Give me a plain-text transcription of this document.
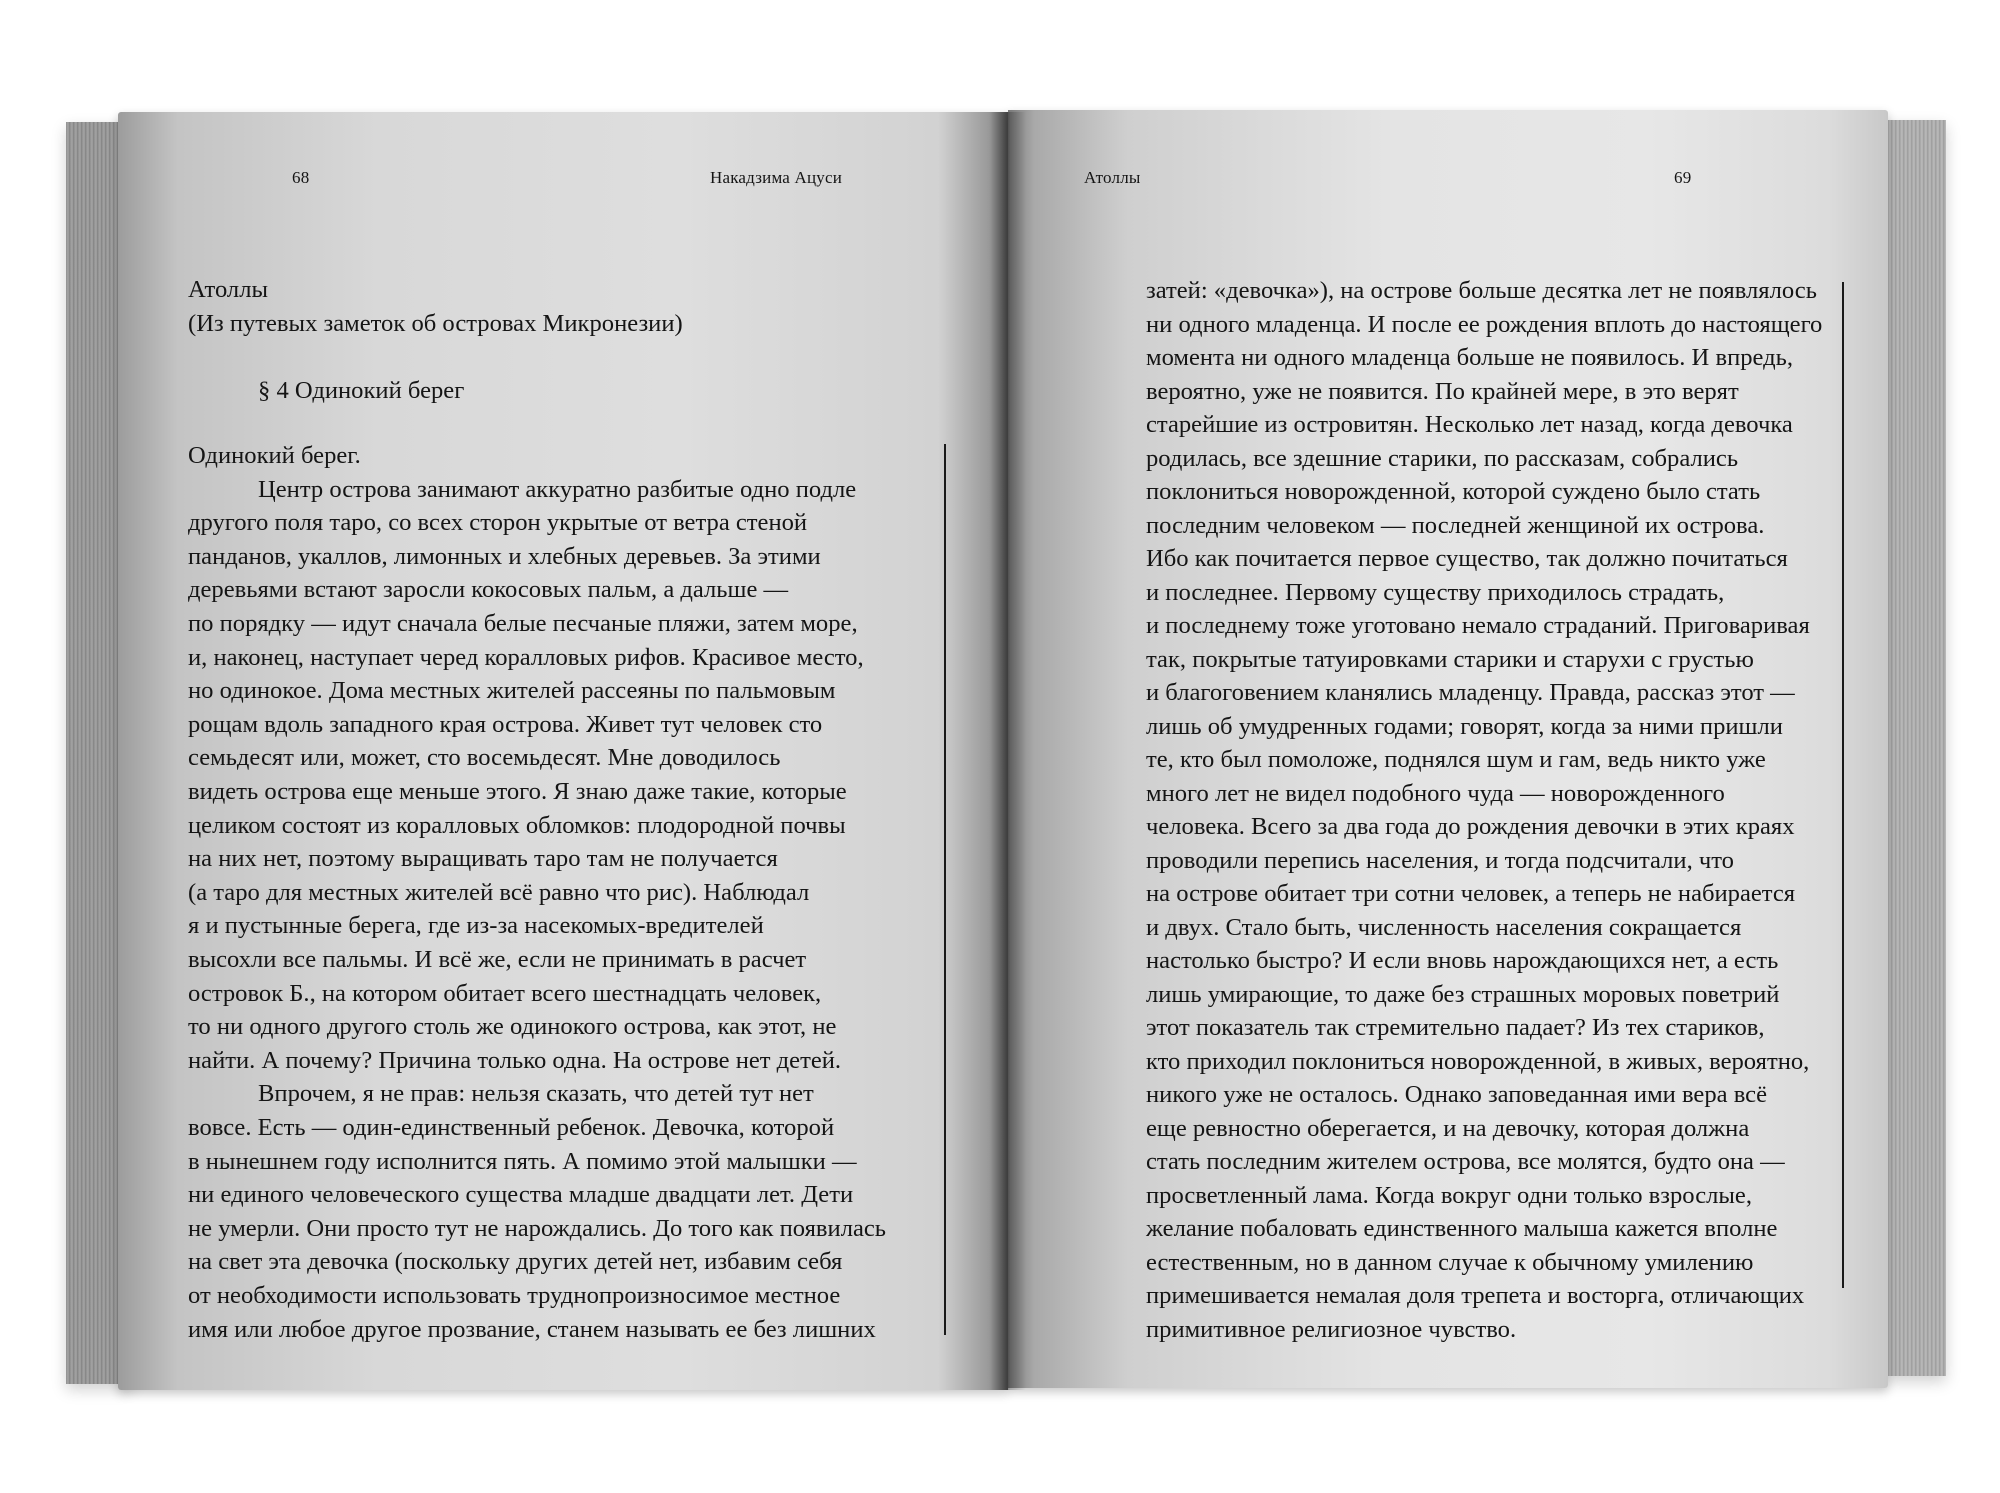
68	Накадзима Ацуси
Атоллы
(Из путевых заметок об островах Микронезии)
§ 4 Одинокий берег
Одинокий берег.
Центр острова занимают аккуратно разбитые одно подле
другого поля таро, со всех сторон укрытые от ветра стеной
панданов, укаллов, лимонных и хлебных деревьев. За этими
деревьями встают заросли кокосовых пальм, а дальше —
по порядку — идут сначала белые песчаные пляжи, затем море,
и, наконец, наступает черед коралловых рифов. Красивое место,
но одинокое. Дома местных жителей рассеяны по пальмовым
рощам вдоль западного края острова. Живет тут человек сто
семьдесят или, может, сто восемьдесят. Мне доводилось
видеть острова еще меньше этого. Я знаю даже такие, которые
целиком состоят из коралловых обломков: плодородной почвы
на них нет, поэтому выращивать таро там не получается
(а таро для местных жителей всё равно что рис). Наблюдал
я и пустынные берега, где из-за насекомых-вредителей
высохли все пальмы. И всё же, если не принимать в расчет
островок Б., на котором обитает всего шестнадцать человек,
то ни одного другого столь же одинокого острова, как этот, не
найти. А почему? Причина только одна. На острове нет детей.
Впрочем, я не прав: нельзя сказать, что детей тут нет
вовсе. Есть — один-единственный ребенок. Девочка, которой
в нынешнем году исполнится пять. А помимо этой малышки —
ни единого человеческого существа младше двадцати лет. Дети
не умерли. Они просто тут не нарождались. До того как появилась
на свет эта девочка (поскольку других детей нет, избавим себя
от необходимости использовать труднопроизносимое местное
имя или любое другое прозвание, станем называть ее без лишних
Атоллы	69
затей: «девочка»), на острове больше десятка лет не появлялось
ни одного младенца. И после ее рождения вплоть до настоящего
момента ни одного младенца больше не появилось. И впредь,
вероятно, уже не появится. По крайней мере, в это верят
старейшие из островитян. Несколько лет назад, когда девочка
родилась, все здешние старики, по рассказам, собрались
поклониться новорожденной, которой суждено было стать
последним человеком — последней женщиной их острова.
Ибо как почитается первое существо, так должно почитаться
и последнее. Первому существу приходилось страдать,
и последнему тоже уготовано немало страданий. Приговаривая
так, покрытые татуировками старики и старухи с грустью
и благоговением кланялись младенцу. Правда, рассказ этот —
лишь об умудренных годами; говорят, когда за ними пришли
те, кто был помоложе, поднялся шум и гам, ведь никто уже
много лет не видел подобного чуда — новорожденного
человека. Всего за два года до рождения девочки в этих краях
проводили перепись населения, и тогда подсчитали, что
на острове обитает три сотни человек, а теперь не набирается
и двух. Стало быть, численность населения сокращается
настолько быстро? И если вновь нарождающихся нет, а есть
лишь умирающие, то даже без страшных моровых поветрий
этот показатель так стремительно падает? Из тех стариков,
кто приходил поклониться новорожденной, в живых, вероятно,
никого уже не осталось. Однако заповеданная ими вера всё
еще ревностно оберегается, и на девочку, которая должна
стать последним жителем острова, все молятся, будто она —
просветленный лама. Когда вокруг одни только взрослые,
желание побаловать единственного малыша кажется вполне
естественным, но в данном случае к обычному умилению
примешивается немалая доля трепета и восторга, отличающих
примитивное религиозное чувство.
